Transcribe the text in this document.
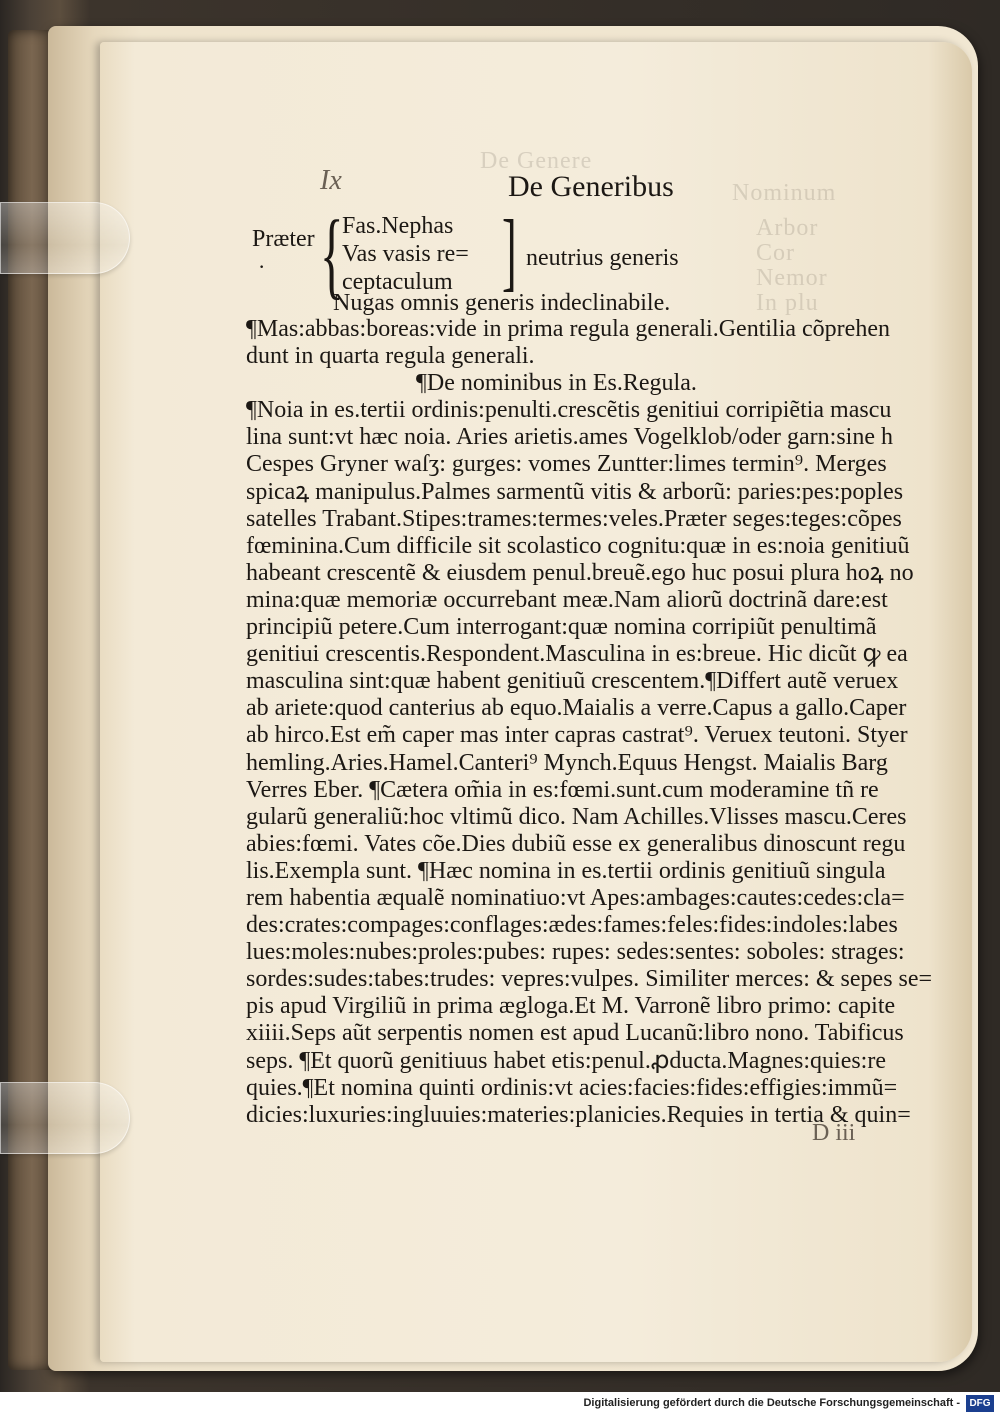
De Genere
Nominum
Arbor
Cor
Nemor
In plu
Ix	De Generibus
Præter
· {
Fas.Nephas
Vas vasis re=
ceptaculum ] neutrius generis
Nugas omnis generis indeclinabile.
¶Mas:abbas:boreas:vide in prima regula generali.Gentilia cõprehen
dunt in quarta regula generali.
¶De nominibus in Es.Regula.
¶Noia in es.tertii ordinis:penulti.crescẽtis genitiui corripiẽtia mascu
lina sunt:vt hæc noia. Aries arietis.ames Vogelklob/oder garn:sine h
Cespes Gryner waſʒ: gurges: vomes Zuntter:limes termin⁹. Merges
spicaꝝ manipulus.Palmes sarmentũ vitis & arborũ: paries:pes:poples
satelles Trabant.Stipes:trames:termes:veles.Præter seges:teges:cõpes
fœminina.Cum difficile sit scolastico cognitu:quæ in es:noia genitiuũ
habeant crescentẽ & eiusdem penul.breuẽ.ego huc posui plura hoꝝ no
mina:quæ memoriæ occurrebant meæ.Nam aliorũ doctrinã dare:est
principiũ petere.Cum interrogant:quæ nomina corripiũt penultimã
genitiui crescentis.Respondent.Masculina in es:breue. Hic dicũt ꝙ ea
masculina sint:quæ habent genitiuũ crescentem.¶Differt autẽ veruex
ab ariete:quod canterius ab equo.Maialis a verre.Capus a gallo.Caper
ab hirco.Est em̃ caper mas inter capras castrat⁹. Veruex teutoni. Styer
hemling.Aries.Hamel.Canteri⁹ Mynch.Equus Hengst. Maialis Barg
Verres Eber. ¶Cætera om̃ia in es:fœmi.sunt.cum moderamine tñ re
gularũ generaliũ:hoc vltimũ dico. Nam Achilles.Vlisses mascu.Ceres
abies:fœmi. Vates cõe.Dies dubiũ esse ex generalibus dinoscunt regu
lis.Exempla sunt. ¶Hæc nomina in es.tertii ordinis genitiuũ singula
rem habentia æqualẽ nominatiuo:vt Apes:ambages:cautes:cedes:cla=
des:crates:compages:conflages:ædes:fames:feles:fides:indoles:labes
lues:moles:nubes:proles:pubes: rupes: sedes:sentes: soboles: strages:
sordes:sudes:tabes:trudes: vepres:vulpes. Similiter merces: & sepes se=
pis apud Virgiliũ in prima ægloga.Et M. Varronẽ libro primo: capite
xiiii.Seps aũt serpentis nomen est apud Lucanũ:libro nono. Tabificus
seps. ¶Et quorũ genitiuus habet etis:penul.ꝓducta.Magnes:quies:re
quies.¶Et nomina quinti ordinis:vt acies:facies:fides:effigies:immũ=
dicies:luxuries:ingluuies:materies:planicies.Requies in tertia & quin=
D iii
Digitalisierung gefördert durch die Deutsche Forschungsgemeinschaft - DFG
